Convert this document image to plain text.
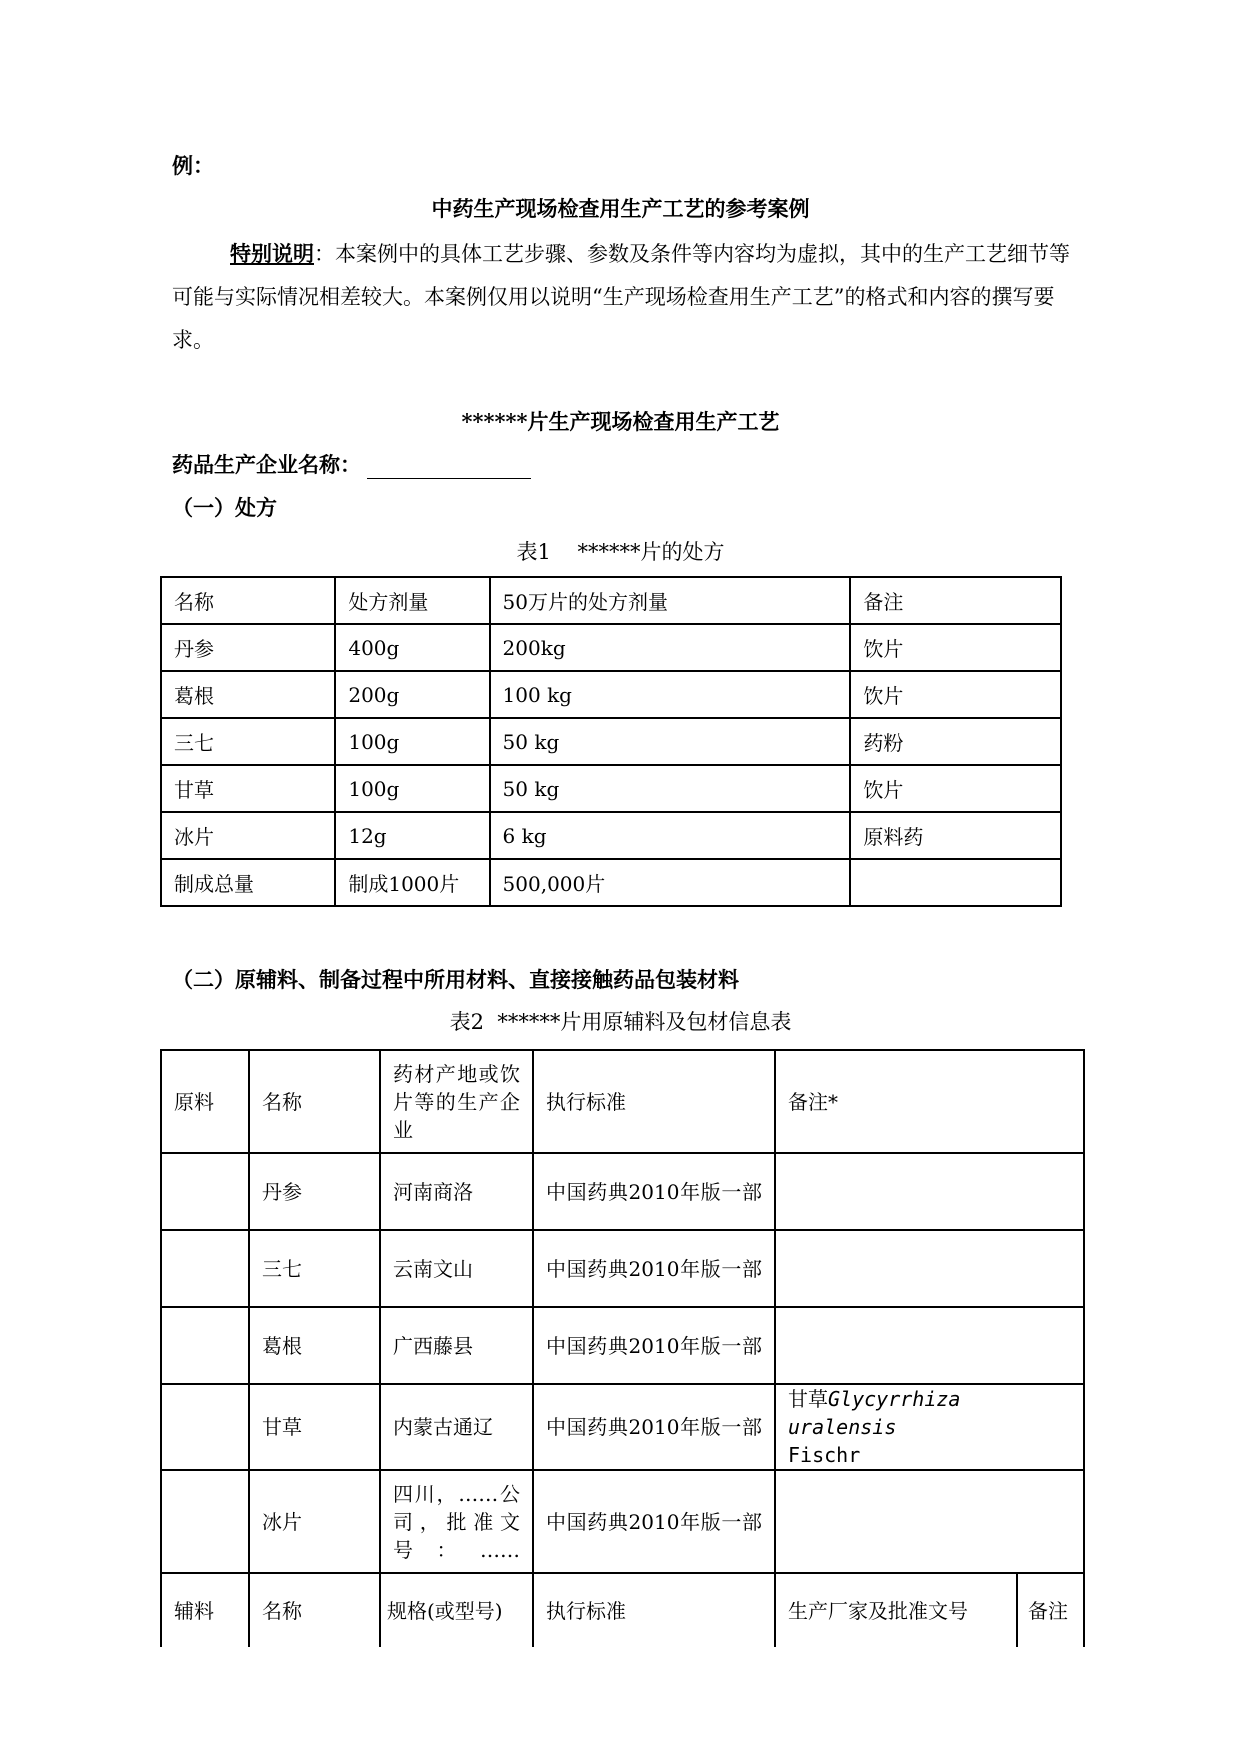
例：
中药生产现场检查用生产工艺的参考案例
特别说明：本案例中的具体工艺步骤、参数及条件等内容均为虚拟，其中的生产工艺细节等可能与实际情况相差较大。本案例仅用以说明“生产现场检查用生产工艺”的格式和内容的撰写要求。
******片生产现场检查用生产工艺
药品生产企业名称：
（一）处方
表1    ******片的处方
名称	处方剂量	50万片的处方剂量	备注
丹参	400g	200kg	饮片
葛根	200g	100 kg	饮片
三七	100g	50 kg	药粉
甘草	100g	50 kg	饮片
冰片	12g	6 kg	原料药
制成总量	制成1000片	500,000片	
（二）原辅料、制备过程中所用材料、直接接触药品包装材料
表2  ******片用原辅料及包材信息表
原料	名称	药材产地或饮片等的生产企业	执行标准	备注*	
	丹参	河南商洛	中国药典2010年版一部		
	三七	云南文山	中国药典2010年版一部		
	葛根	广西藤县	中国药典2010年版一部		
	甘草	内蒙古通辽	中国药典2010年版一部	甘草Glycyrrhiza uralensis
Fischr	
	冰片	四川，……公司，批准文号：……	中国药典2010年版一部		
辅料	名称	规格(或型号)	执行标准	生产厂家及批准文号	备注
